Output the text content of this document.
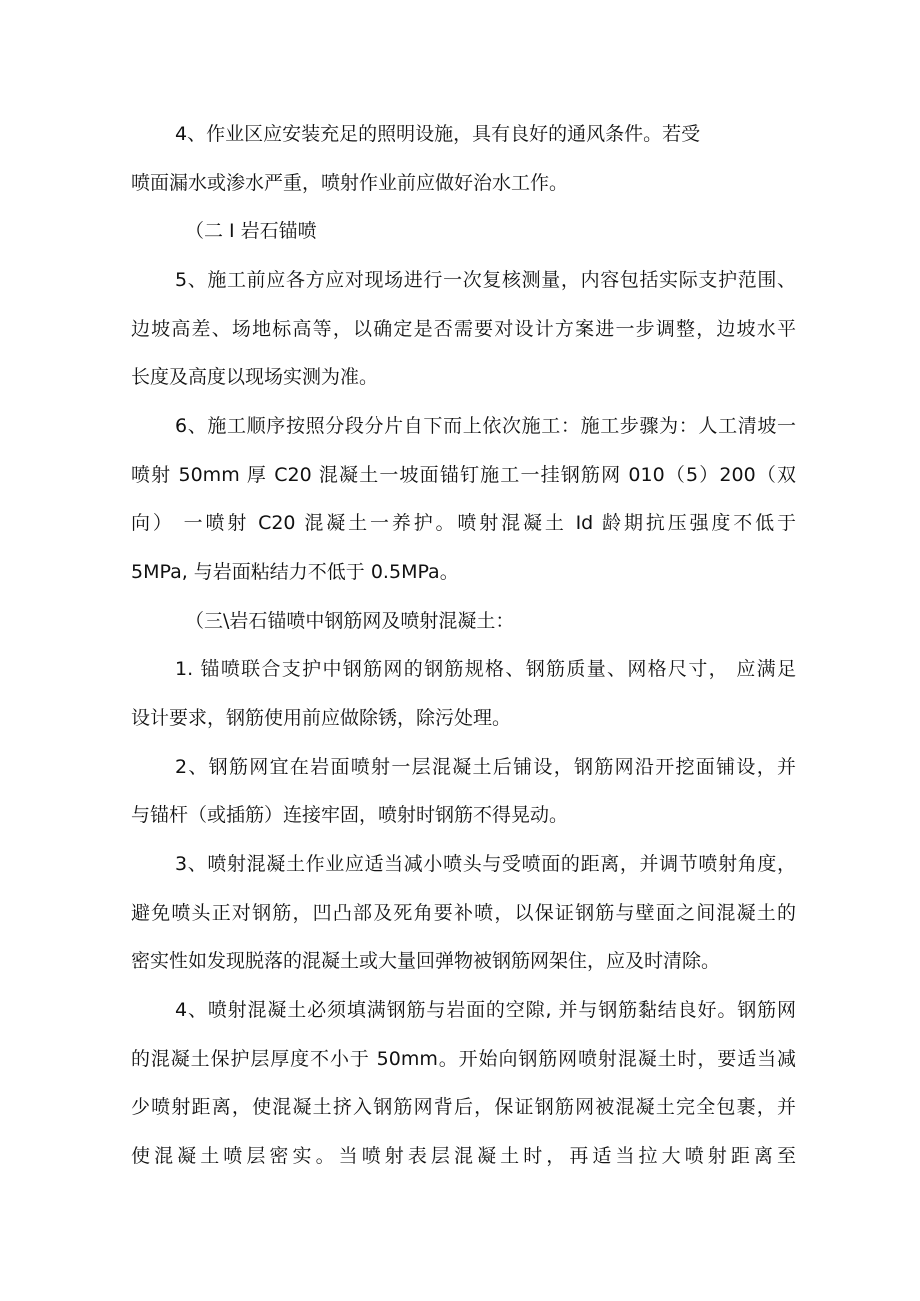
4、作业区应安装充足的照明设施，具有良好的通风条件。若受
喷面漏水或渗水严重，喷射作业前应做好治水工作。
（二 I 岩石锚喷
5、施工前应各方应对现场进行一次复核测量，内容包括实际支护范围、
边坡高差、场地标高等，以确定是否需要对设计方案进一步调整，边坡水平
长度及高度以现场实测为准。
6、施工顺序按照分段分片自下而上依次施工：施工步骤为：人工清坡一
喷射 50mm 厚 C20 混凝土一坡面锚钉施工一挂钢筋网 010（5）200（双
向） 一喷射 C20 混凝土一养护。喷射混凝土 Id 龄期抗压强度不低于
5MPa, 与岩面粘结力不低于 0.5MPa。
（三\岩石锚喷中钢筋网及喷射混凝土：
1. 锚喷联合支护中钢筋网的钢筋规格、钢筋质量、网格尺寸， 应满足
设计要求，钢筋使用前应做除锈，除污处理。
2、钢筋网宜在岩面喷射一层混凝土后铺设，钢筋网沿开挖面铺设，并
与锚杆（或插筋）连接牢固，喷射时钢筋不得晃动。
3、喷射混凝土作业应适当减小喷头与受喷面的距离，并调节喷射角度，
避免喷头正对钢筋，凹凸部及死角要补喷，以保证钢筋与壁面之间混凝土的
密实性如发现脱落的混凝土或大量回弹物被钢筋网架住，应及时清除。
4、喷射混凝土必须填满钢筋与岩面的空隙, 并与钢筋黏结良好。钢筋网
的混凝土保护层厚度不小于 50mm。开始向钢筋网喷射混凝土时，要适当减
少喷射距离，使混凝土挤入钢筋网背后，保证钢筋网被混凝土完全包裹，并
使混凝土喷层密实。当喷射表层混凝土时，再适当拉大喷射距离至
